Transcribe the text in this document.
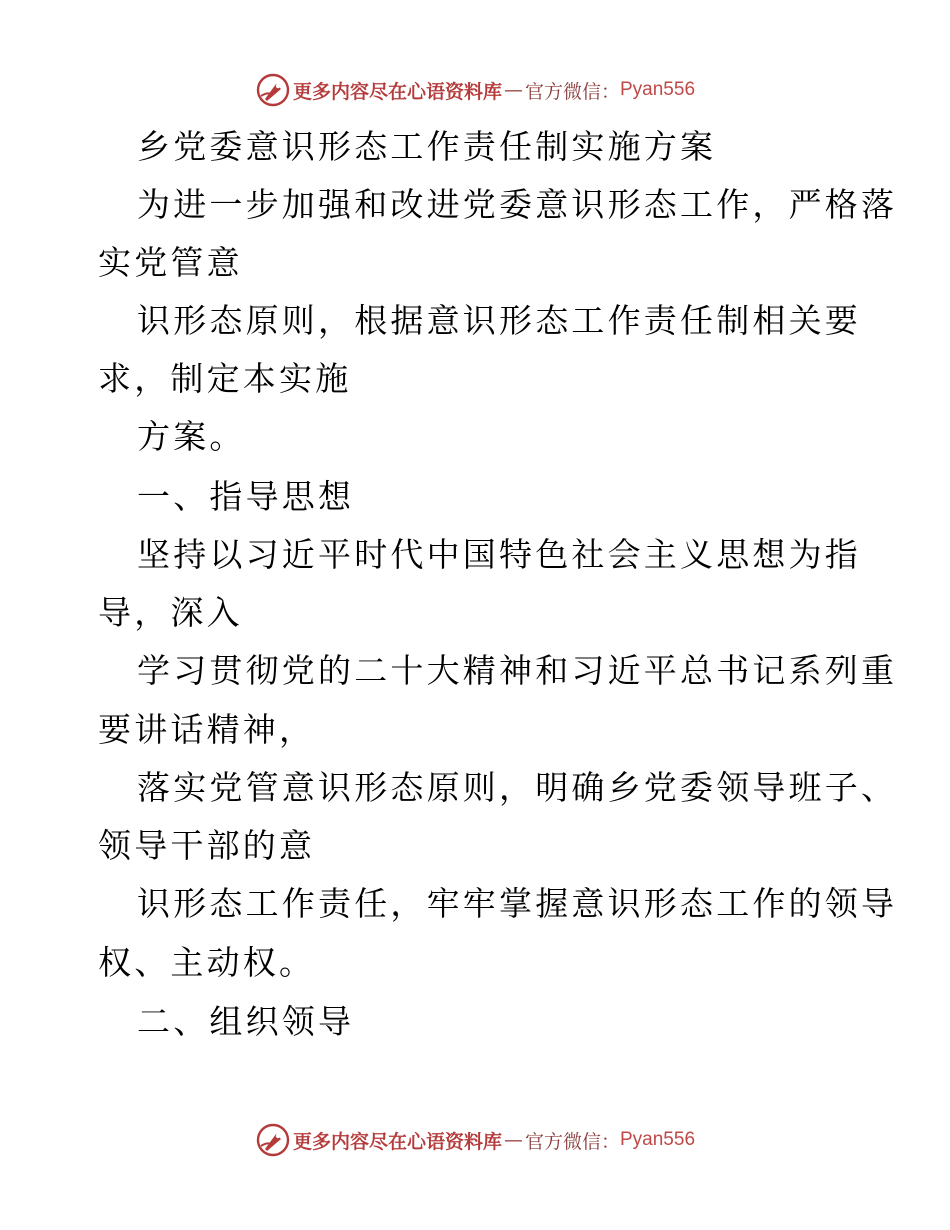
更多内容尽在心语资料库 — 官方微信： Pyan556
乡党委意识形态工作责任制实施方案
为进一步加强和改进党委意识形态工作，严格落
实党管意
识形态原则，根据意识形态工作责任制相关要
求，制定本实施
方案。
一、指导思想
坚持以习近平时代中国特色社会主义思想为指
导，深入
学习贯彻党的二十大精神和习近平总书记系列重
要讲话精神，
落实党管意识形态原则，明确乡党委领导班子、
领导干部的意
识形态工作责任，牢牢掌握意识形态工作的领导
权、主动权。
二、组织领导
更多内容尽在心语资料库 — 官方微信： Pyan556
